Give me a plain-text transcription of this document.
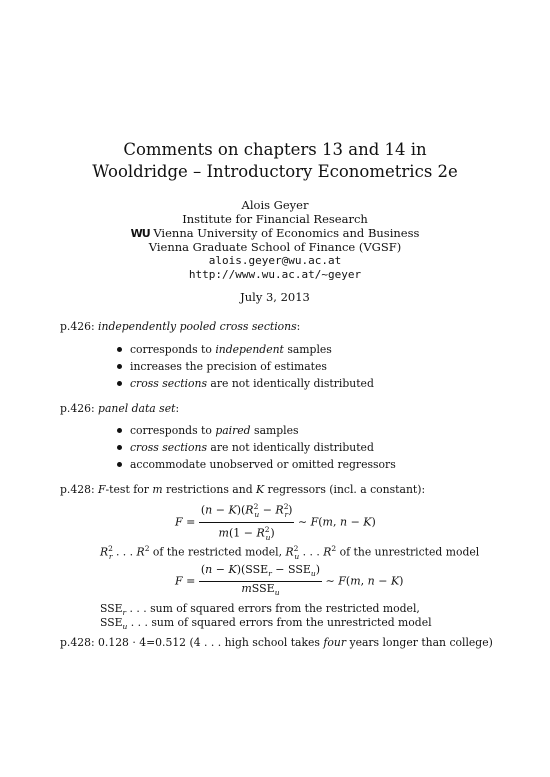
Comments on chapters 13 and 14 in
Wooldridge – Introductory Econometrics 2e
Alois Geyer
Institute for Financial Research
WU Vienna University of Economics and Business
Vienna Graduate School of Finance (VGSF)
alois.geyer@wu.ac.at
http://www.wu.ac.at/~geyer
July 3, 2013
p.426: independently pooled cross sections:
corresponds to independent samples
increases the precision of estimates
cross sections are not identically distributed
p.426: panel data set:
corresponds to paired samples
cross sections are not identically distributed
accommodate unobserved or omitted regressors
p.428: F-test for m restrictions and K regressors (incl. a constant):
$F = \frac{(n - K)(R^2_u - R^2_r)}{m(1 - R^2_u)}$ ∼ F(m, n − K)
$R^2_r$ . . . $R^2$ of the restricted model, $R^2_u$ . . . $R^2$ of the unrestricted model
$F = \frac{(n - K)(SSE_r - SSE_u)}{mSSE_u}$ ∼ F(m, n − K)
$SSE_r$ . . . sum of squared errors from the restricted model,
$SSE_u$ . . . sum of squared errors from the unrestricted model
p.428: 0.128 · 4=0.512 (4 . . . high school takes four years longer than college)
